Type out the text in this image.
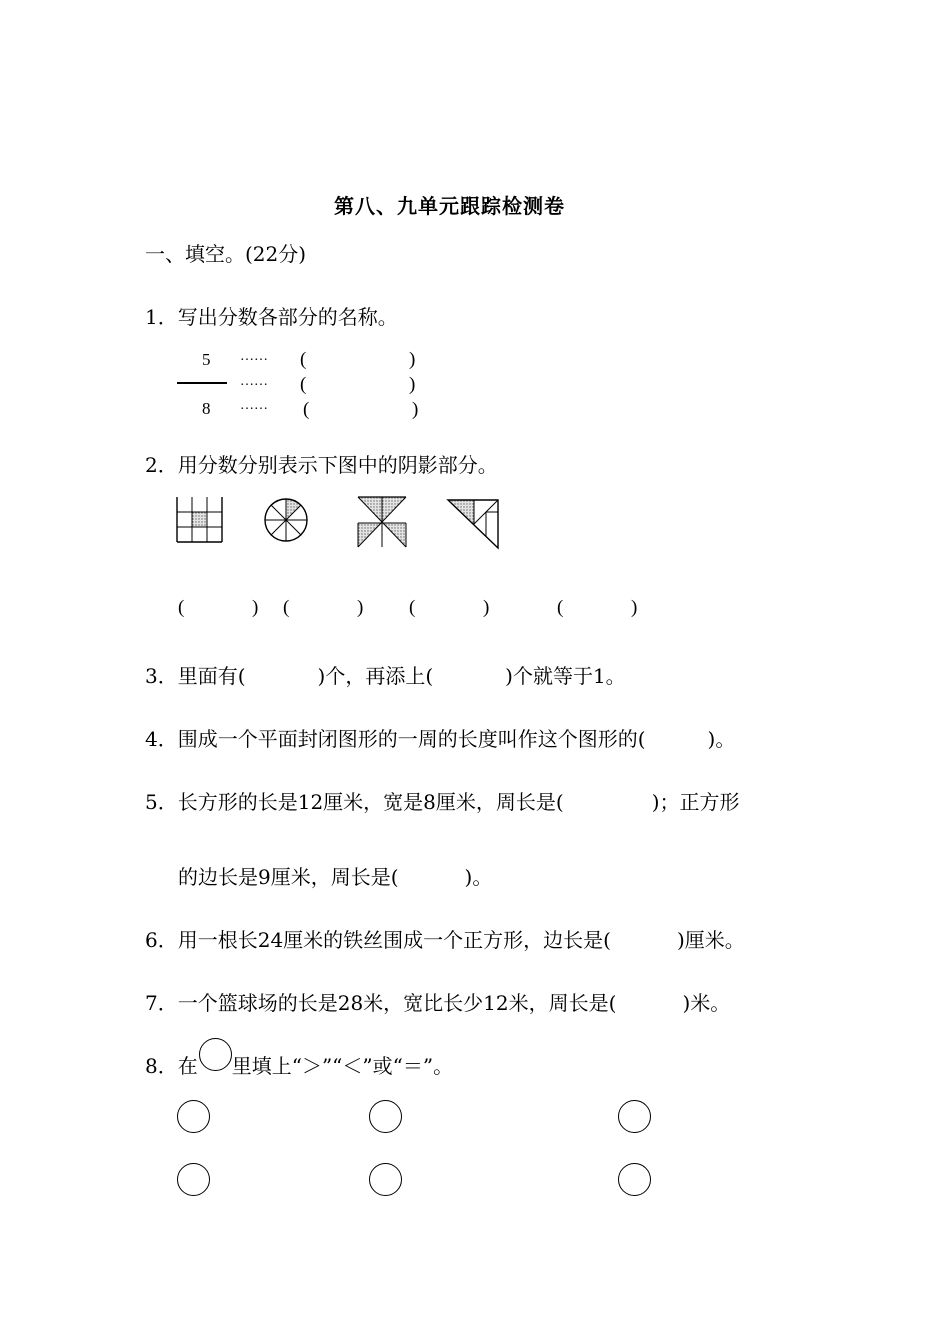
第八、九单元跟踪检测卷
一、填空。(22分)
1．写出分数各部分的名称。
5
8
……
……
……
(	)
(	)
(	)
2．用分数分别表示下图中的阴影部分。
(	) (	) (	)	(	)
3．里面有(	)个，再添上(	)个就等于1。
4．围成一个平面封闭图形的一周的长度叫作这个图形的(	)。
5．长方形的长是12厘米，宽是8厘米，周长是(	)；正方形
的边长是9厘米，周长是(	)。
6．用一根长24厘米的铁丝围成一个正方形，边长是(	)厘米。
7．一个篮球场的长是28米，宽比长少12米，周长是(	)米。
8．在 里填上“＞”“＜”或“＝”。
